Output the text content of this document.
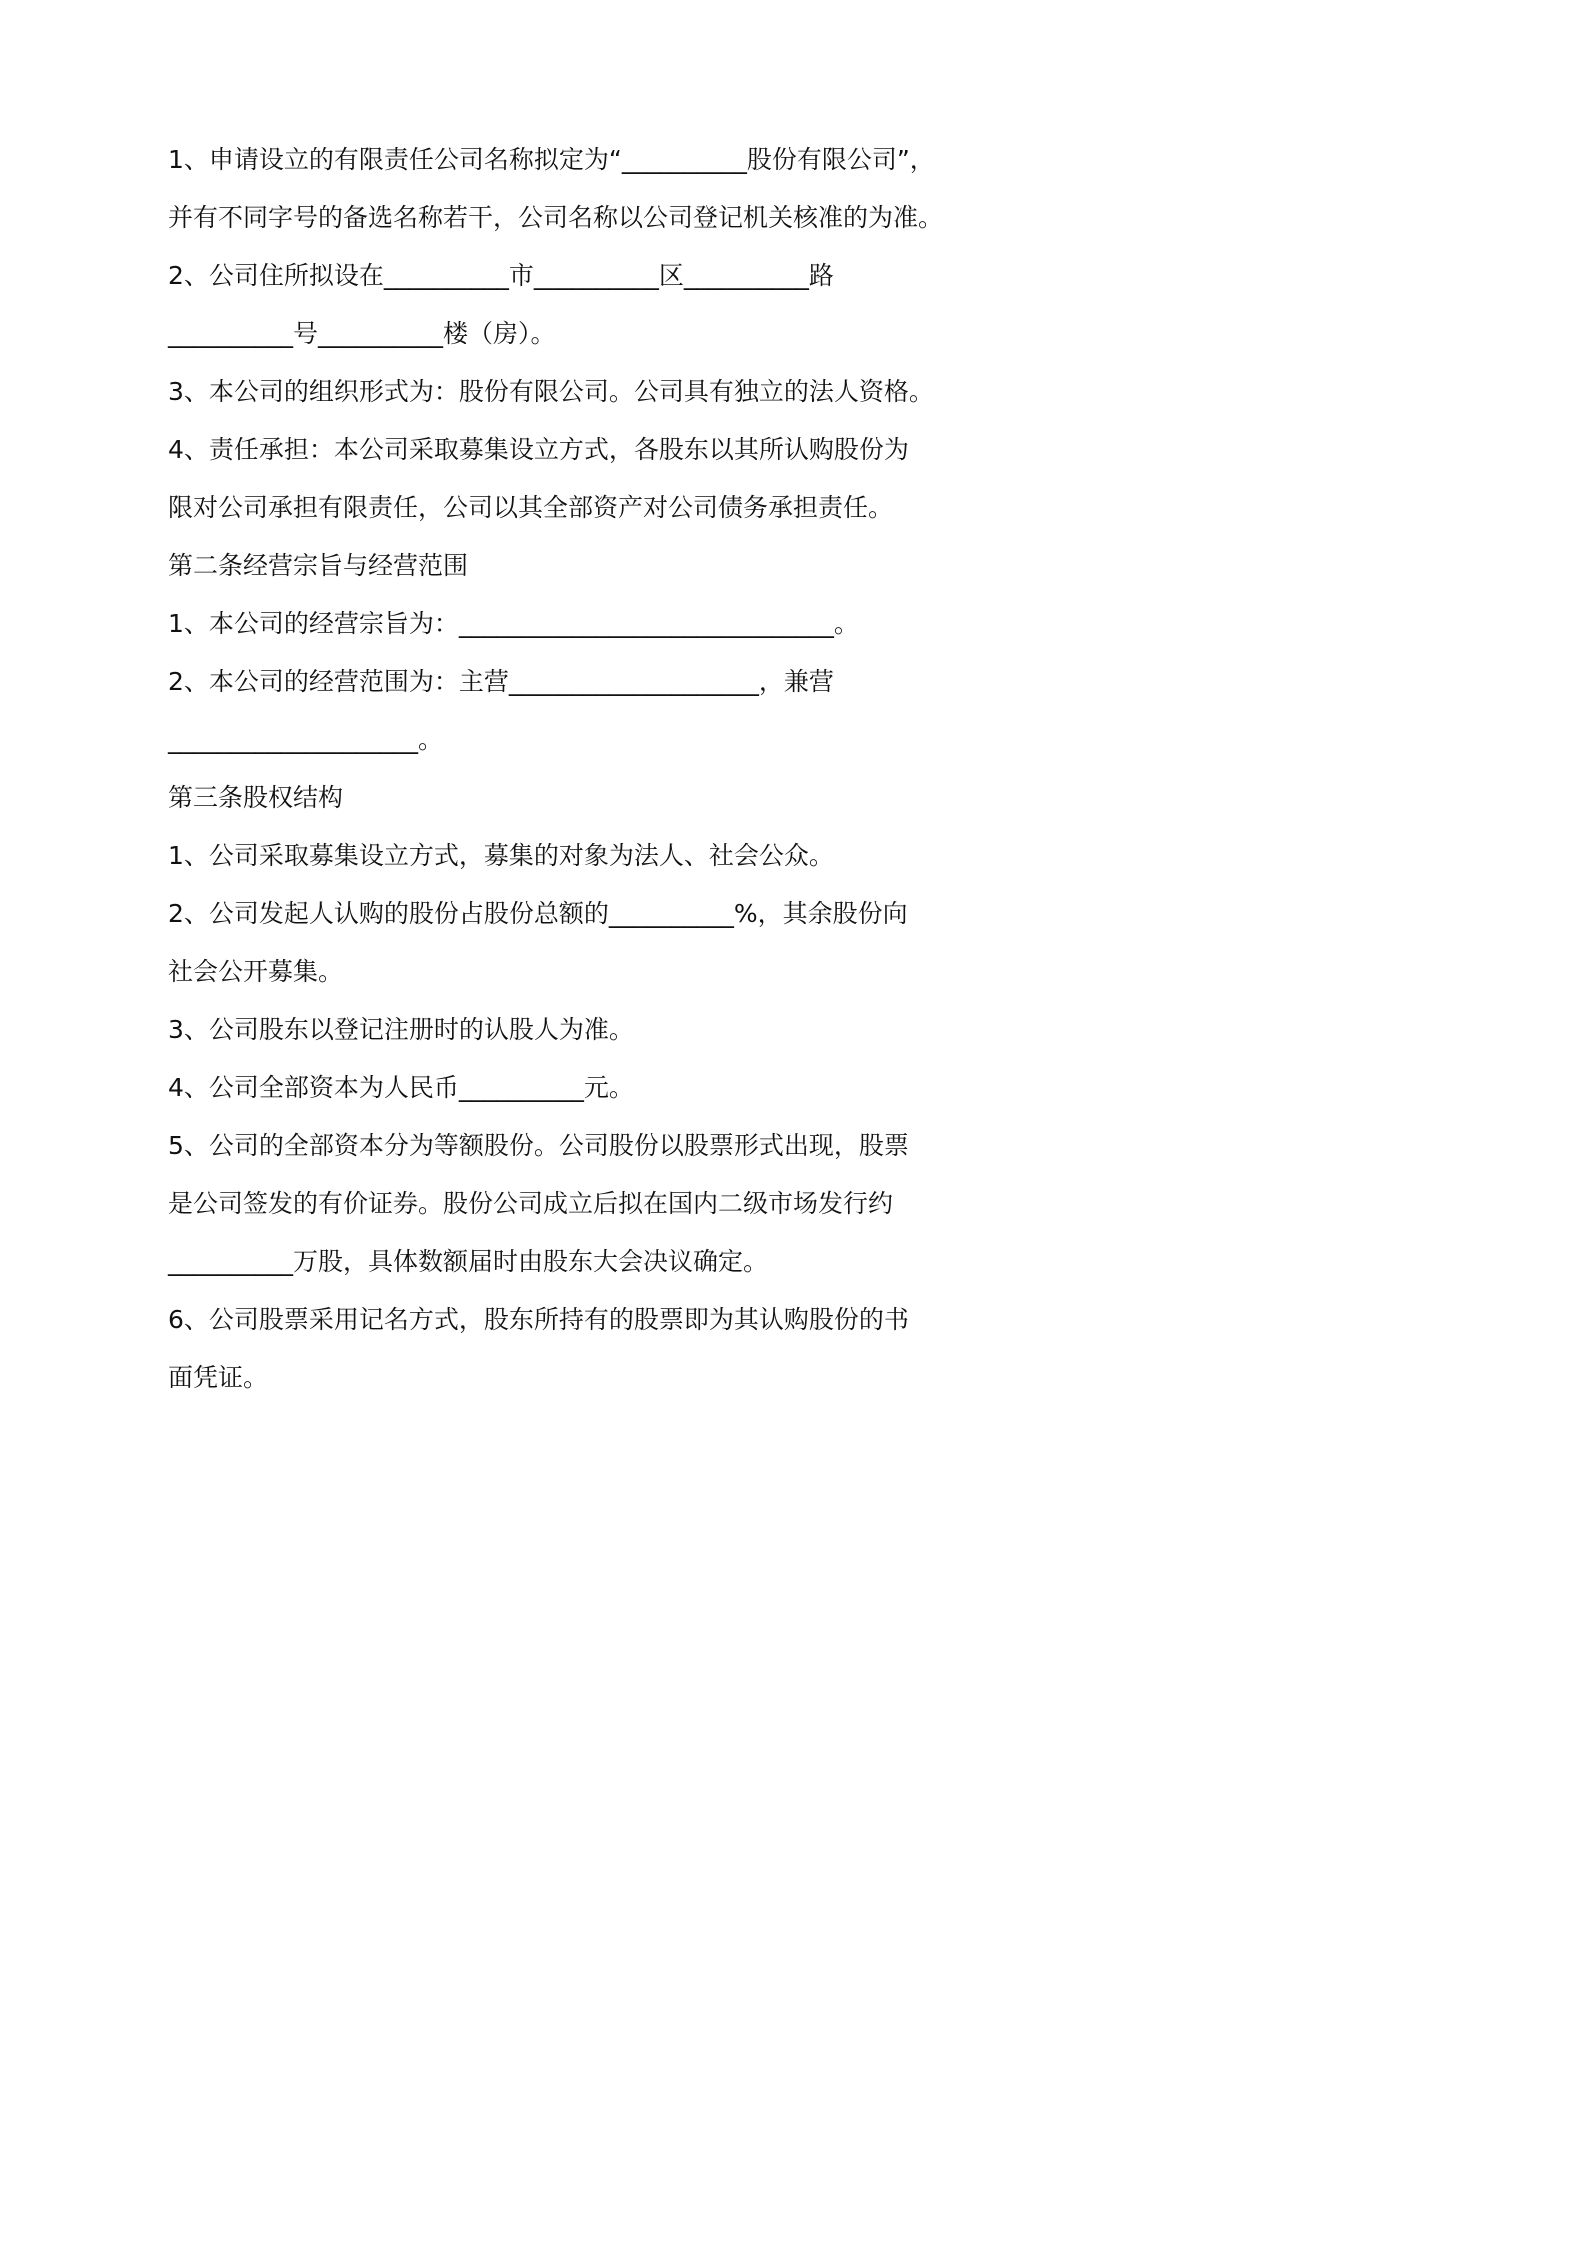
1、申请设立的有限责任公司名称拟定为“__________股份有限公司”，
并有不同字号的备选名称若干，公司名称以公司登记机关核准的为准。
2、公司住所拟设在__________市__________区__________路
__________号__________楼（房）。
3、本公司的组织形式为：股份有限公司。公司具有独立的法人资格。
4、责任承担：本公司采取募集设立方式，各股东以其所认购股份为
限对公司承担有限责任，公司以其全部资产对公司债务承担责任。
第二条经营宗旨与经营范围
1、本公司的经营宗旨为：______________________________。
2、本公司的经营范围为：主营____________________，兼营
____________________。
第三条股权结构
1、公司采取募集设立方式，募集的对象为法人、社会公众。
2、公司发起人认购的股份占股份总额的__________%，其余股份向
社会公开募集。
3、公司股东以登记注册时的认股人为准。
4、公司全部资本为人民币__________元。
5、公司的全部资本分为等额股份。公司股份以股票形式出现，股票
是公司签发的有价证券。股份公司成立后拟在国内二级市场发行约
__________万股，具体数额届时由股东大会决议确定。
6、公司股票采用记名方式，股东所持有的股票即为其认购股份的书
面凭证。
